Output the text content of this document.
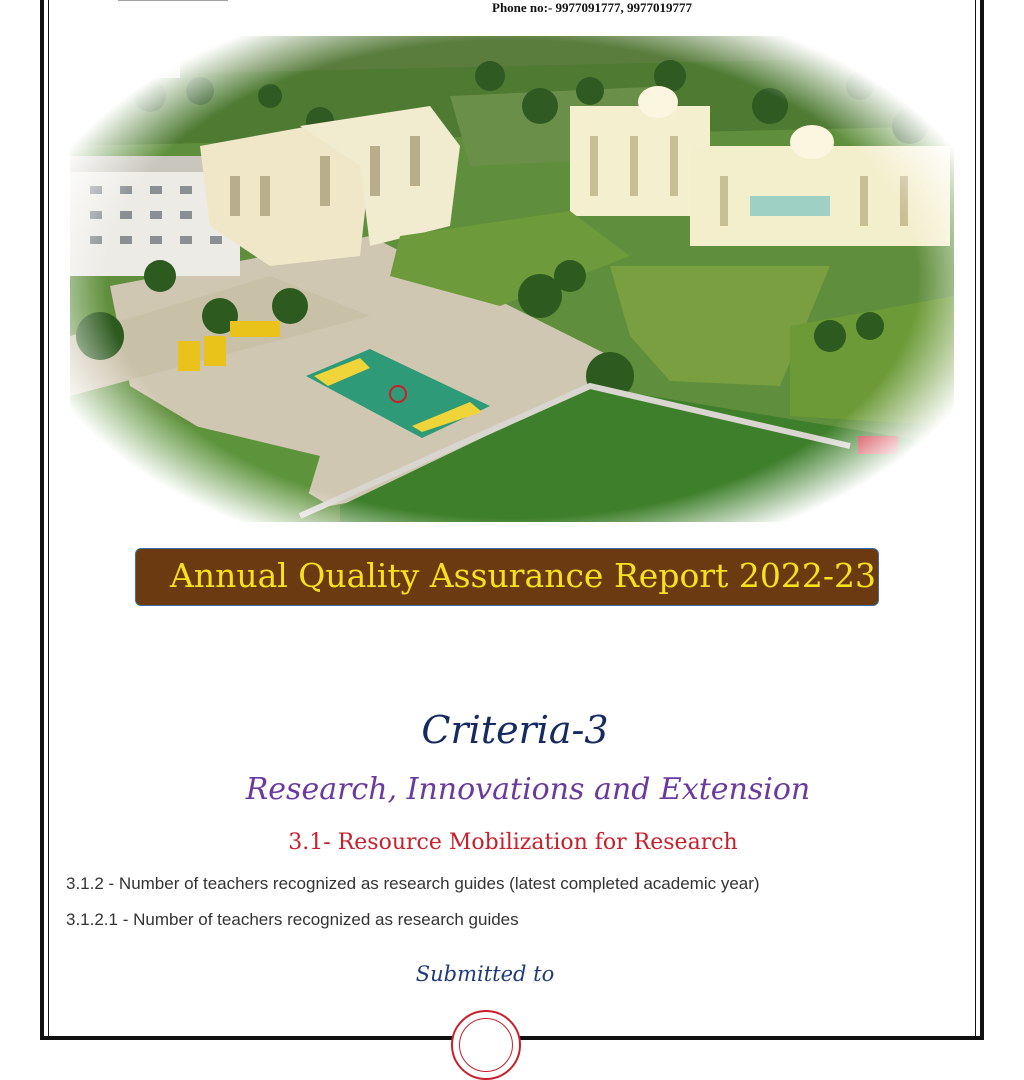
Phone no:- 9977091777, 9977019777
Annual Quality Assurance Report 2022-23
Criteria-3
Research, Innovations and Extension
3.1- Resource Mobilization for Research
3.1.2 - Number of teachers recognized as research guides (latest completed academic year)
3.1.2.1 - Number of teachers recognized as research guides
Submitted to
